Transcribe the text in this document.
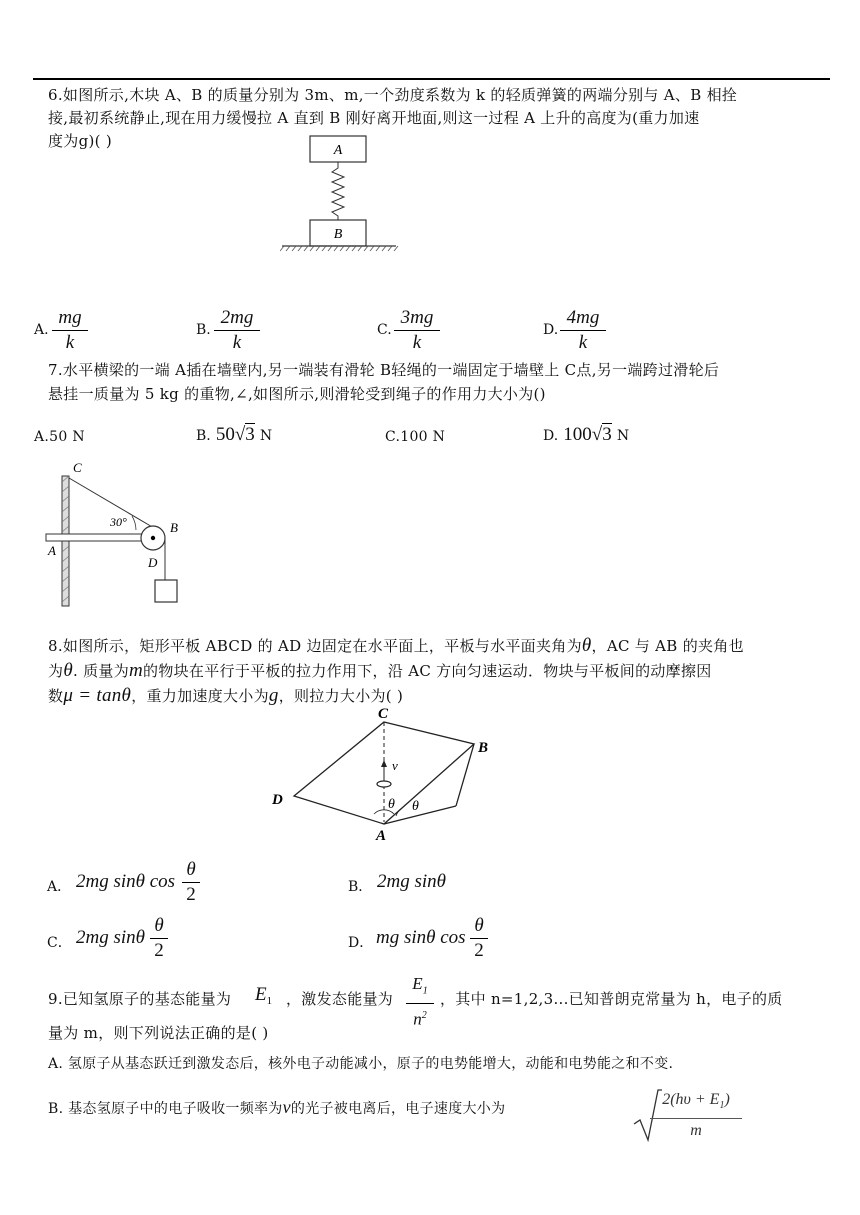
6.如图所示,木块 A、B 的质量分别为 3m、m,一个劲度系数为 k 的轻质弹簧的两端分别与 A、B 相拴
接,最初系统静止,现在用力缓慢拉 A 直到 B 刚好离开地面,则这一过程 A 上升的高度为(重力加速
度为g)( )
A
B
A. $\frac{mg}{k}$	B. $\frac{2mg}{k}$	C. $\frac{3mg}{k}$	D. $\frac{4mg}{k}$
7.水平横梁的一端 A插在墙壁内,另一端装有滑轮 B轻绳的一端固定于墙壁上 C点,另一端跨过滑轮后
悬挂一质量为 5 kg 的重物,∠,如图所示,则滑轮受到绳子的作用力大小为()
A.50 N	B. 50√3 N	C.100 N	D. 100√3 N
C
30°	B
A
D
8.如图所示，矩形平板 ABCD 的 AD 边固定在水平面上，平板与水平面夹角为θ，AC 与 AB 的夹角也
为θ. 质量为m的物块在平行于平板的拉力作用下，沿 AC 方向匀速运动．物块与平板间的动摩擦因
数μ = tanθ，重力加速度大小为g，则拉力大小为( )
C
B
D
A
v
θ θ
A． 2mg sinθ $\cos \frac{\theta}{2}$	B． 2mg sinθ
C． 2mg sinθ $\frac{\theta}{2}$	D． mg sinθ $\cos \frac{\theta}{2}$
9.已知氢原子的基态能量为 $E_1$ ，激发态能量为 $\frac{E_1}{n^2}$ ，其中 n=1,2,3...已知普朗克常量为 h，电子的质
量为 m，则下列说法正确的是( )
A. 氢原子从基态跃迁到激发态后，核外电子动能减小，原子的电势能增大，动能和电势能之和不变.
B. 基态氢原子中的电子吸收一频率为ν的光子被电离后，电子速度大小为	$\frac{2(h\upsilon + E_1)}{m}$
